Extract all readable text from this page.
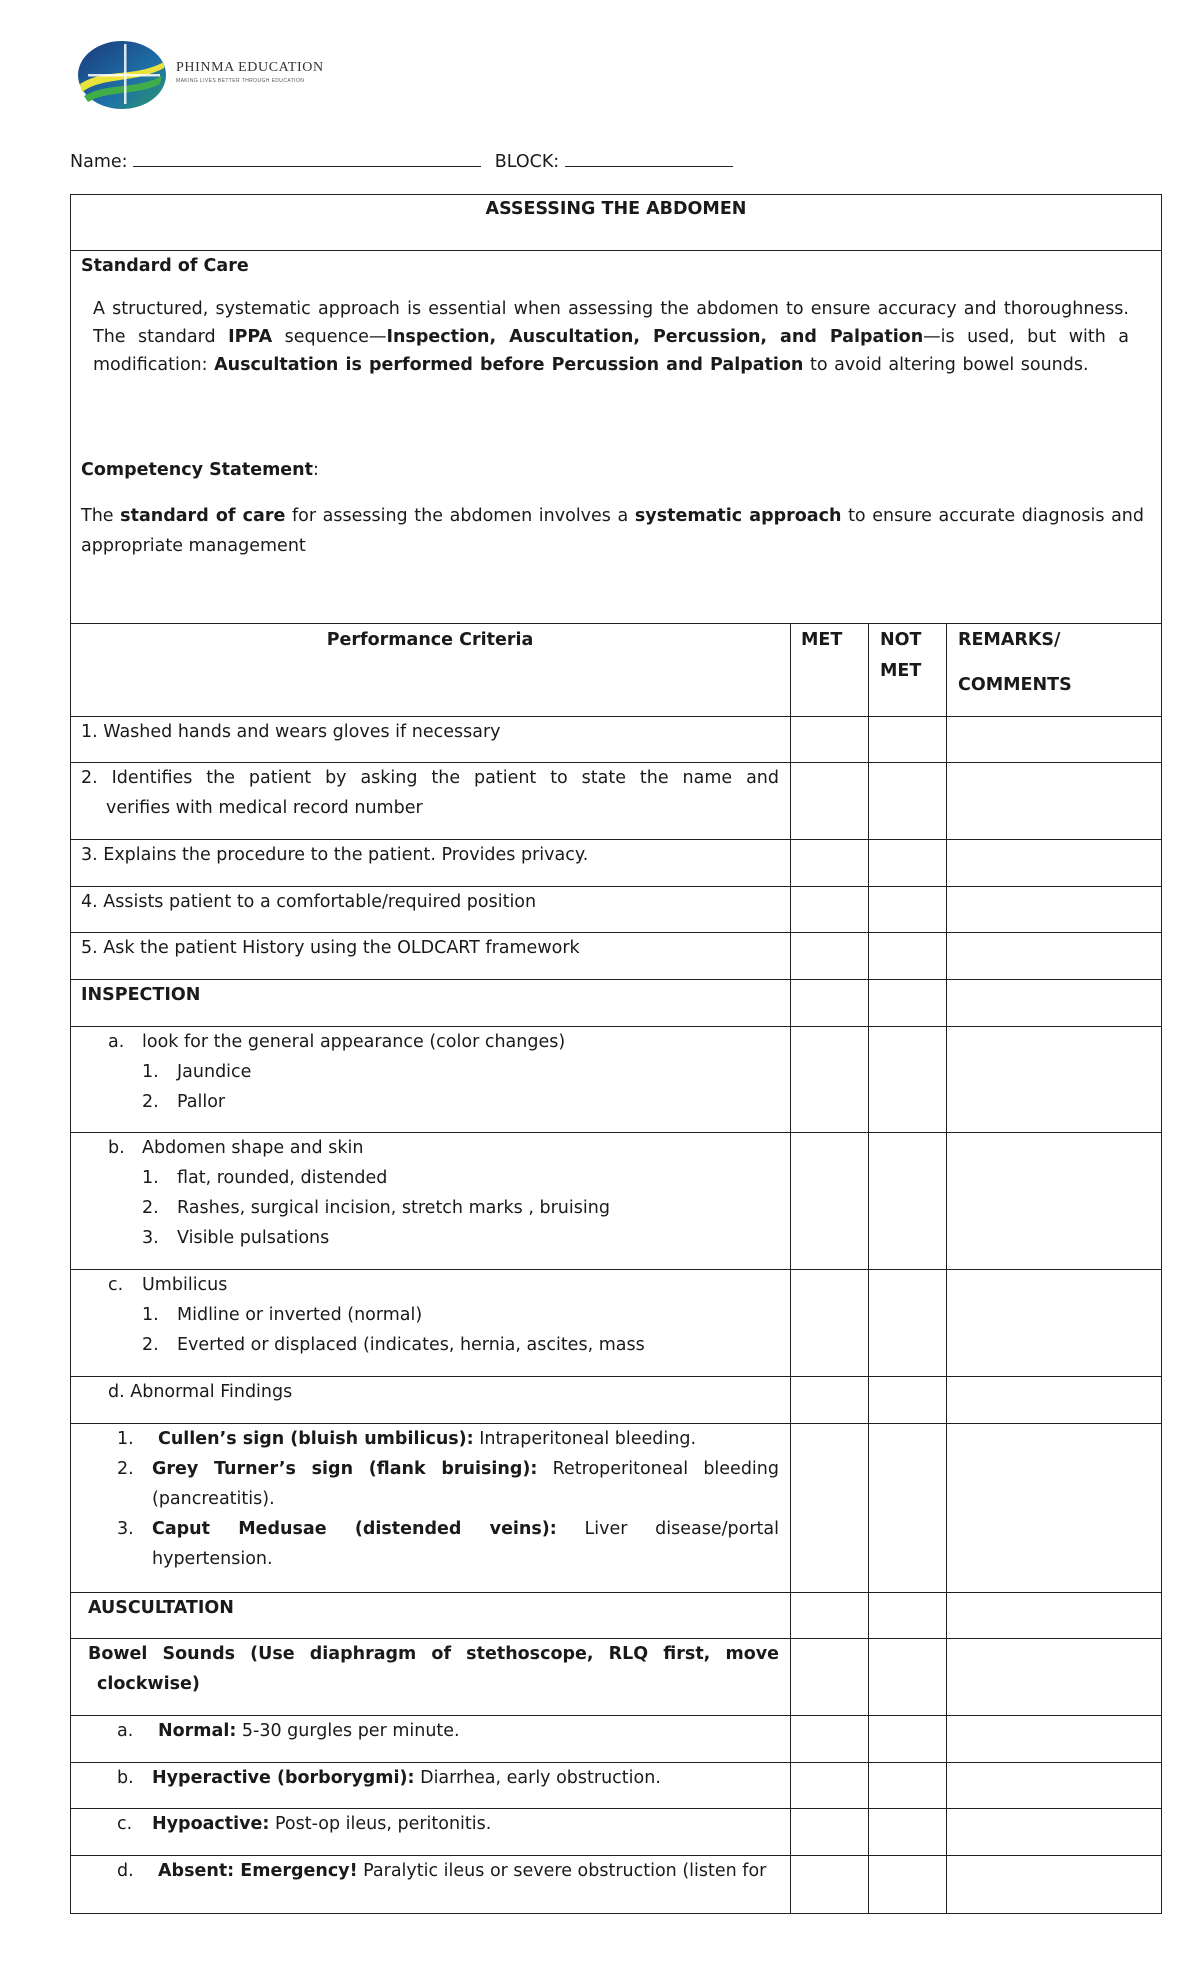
PHINMA EDUCATION
MAKING LIVES BETTER THROUGH EDUCATION
Name:	BLOCK:
ASSESSING THE ABDOMEN
Standard of Care
A structured, systematic approach is essential when assessing the abdomen to ensure accuracy and thoroughness. The standard IPPA sequence—Inspection, Auscultation, Percussion, and Palpation—is used, but with a modification: Auscultation is performed before Percussion and Palpation to avoid altering bowel sounds.
Competency Statement:
The standard of care for assessing the abdomen involves a systematic approach to ensure accurate diagnosis and appropriate management
Performance Criteria	MET NOT
MET
REMARKS/
COMMENTS
1. Washed hands and wears gloves if necessary
2. Identifies the patient by asking the patient to state the name and
verifies with medical record number
3. Explains the procedure to the patient. Provides privacy.
4. Assists patient to a comfortable/required position
5. Ask the patient History using the OLDCART framework
INSPECTION
a. look for the general appearance (color changes)
1. Jaundice
2. Pallor
b. Abdomen shape and skin
1. flat, rounded, distended
2. Rashes, surgical incision, stretch marks , bruising
3. Visible pulsations
c. Umbilicus
1. Midline or inverted (normal)
2. Everted or displaced (indicates, hernia, ascites, mass
d. Abnormal Findings
1. Cullen’s sign (bluish umbilicus): Intraperitoneal bleeding.
2. Grey Turner’s sign (flank bruising): Retroperitoneal bleeding (pancreatitis).
3. Caput Medusae (distended veins): Liver disease/portal hypertension.
AUSCULTATION
Bowel Sounds (Use diaphragm of stethoscope, RLQ first, move
clockwise)
a. Normal: 5-30 gurgles per minute.
b. Hyperactive (borborygmi): Diarrhea, early obstruction.
c. Hypoactive: Post-op ileus, peritonitis.
d. Absent: Emergency! Paralytic ileus or severe obstruction (listen for
